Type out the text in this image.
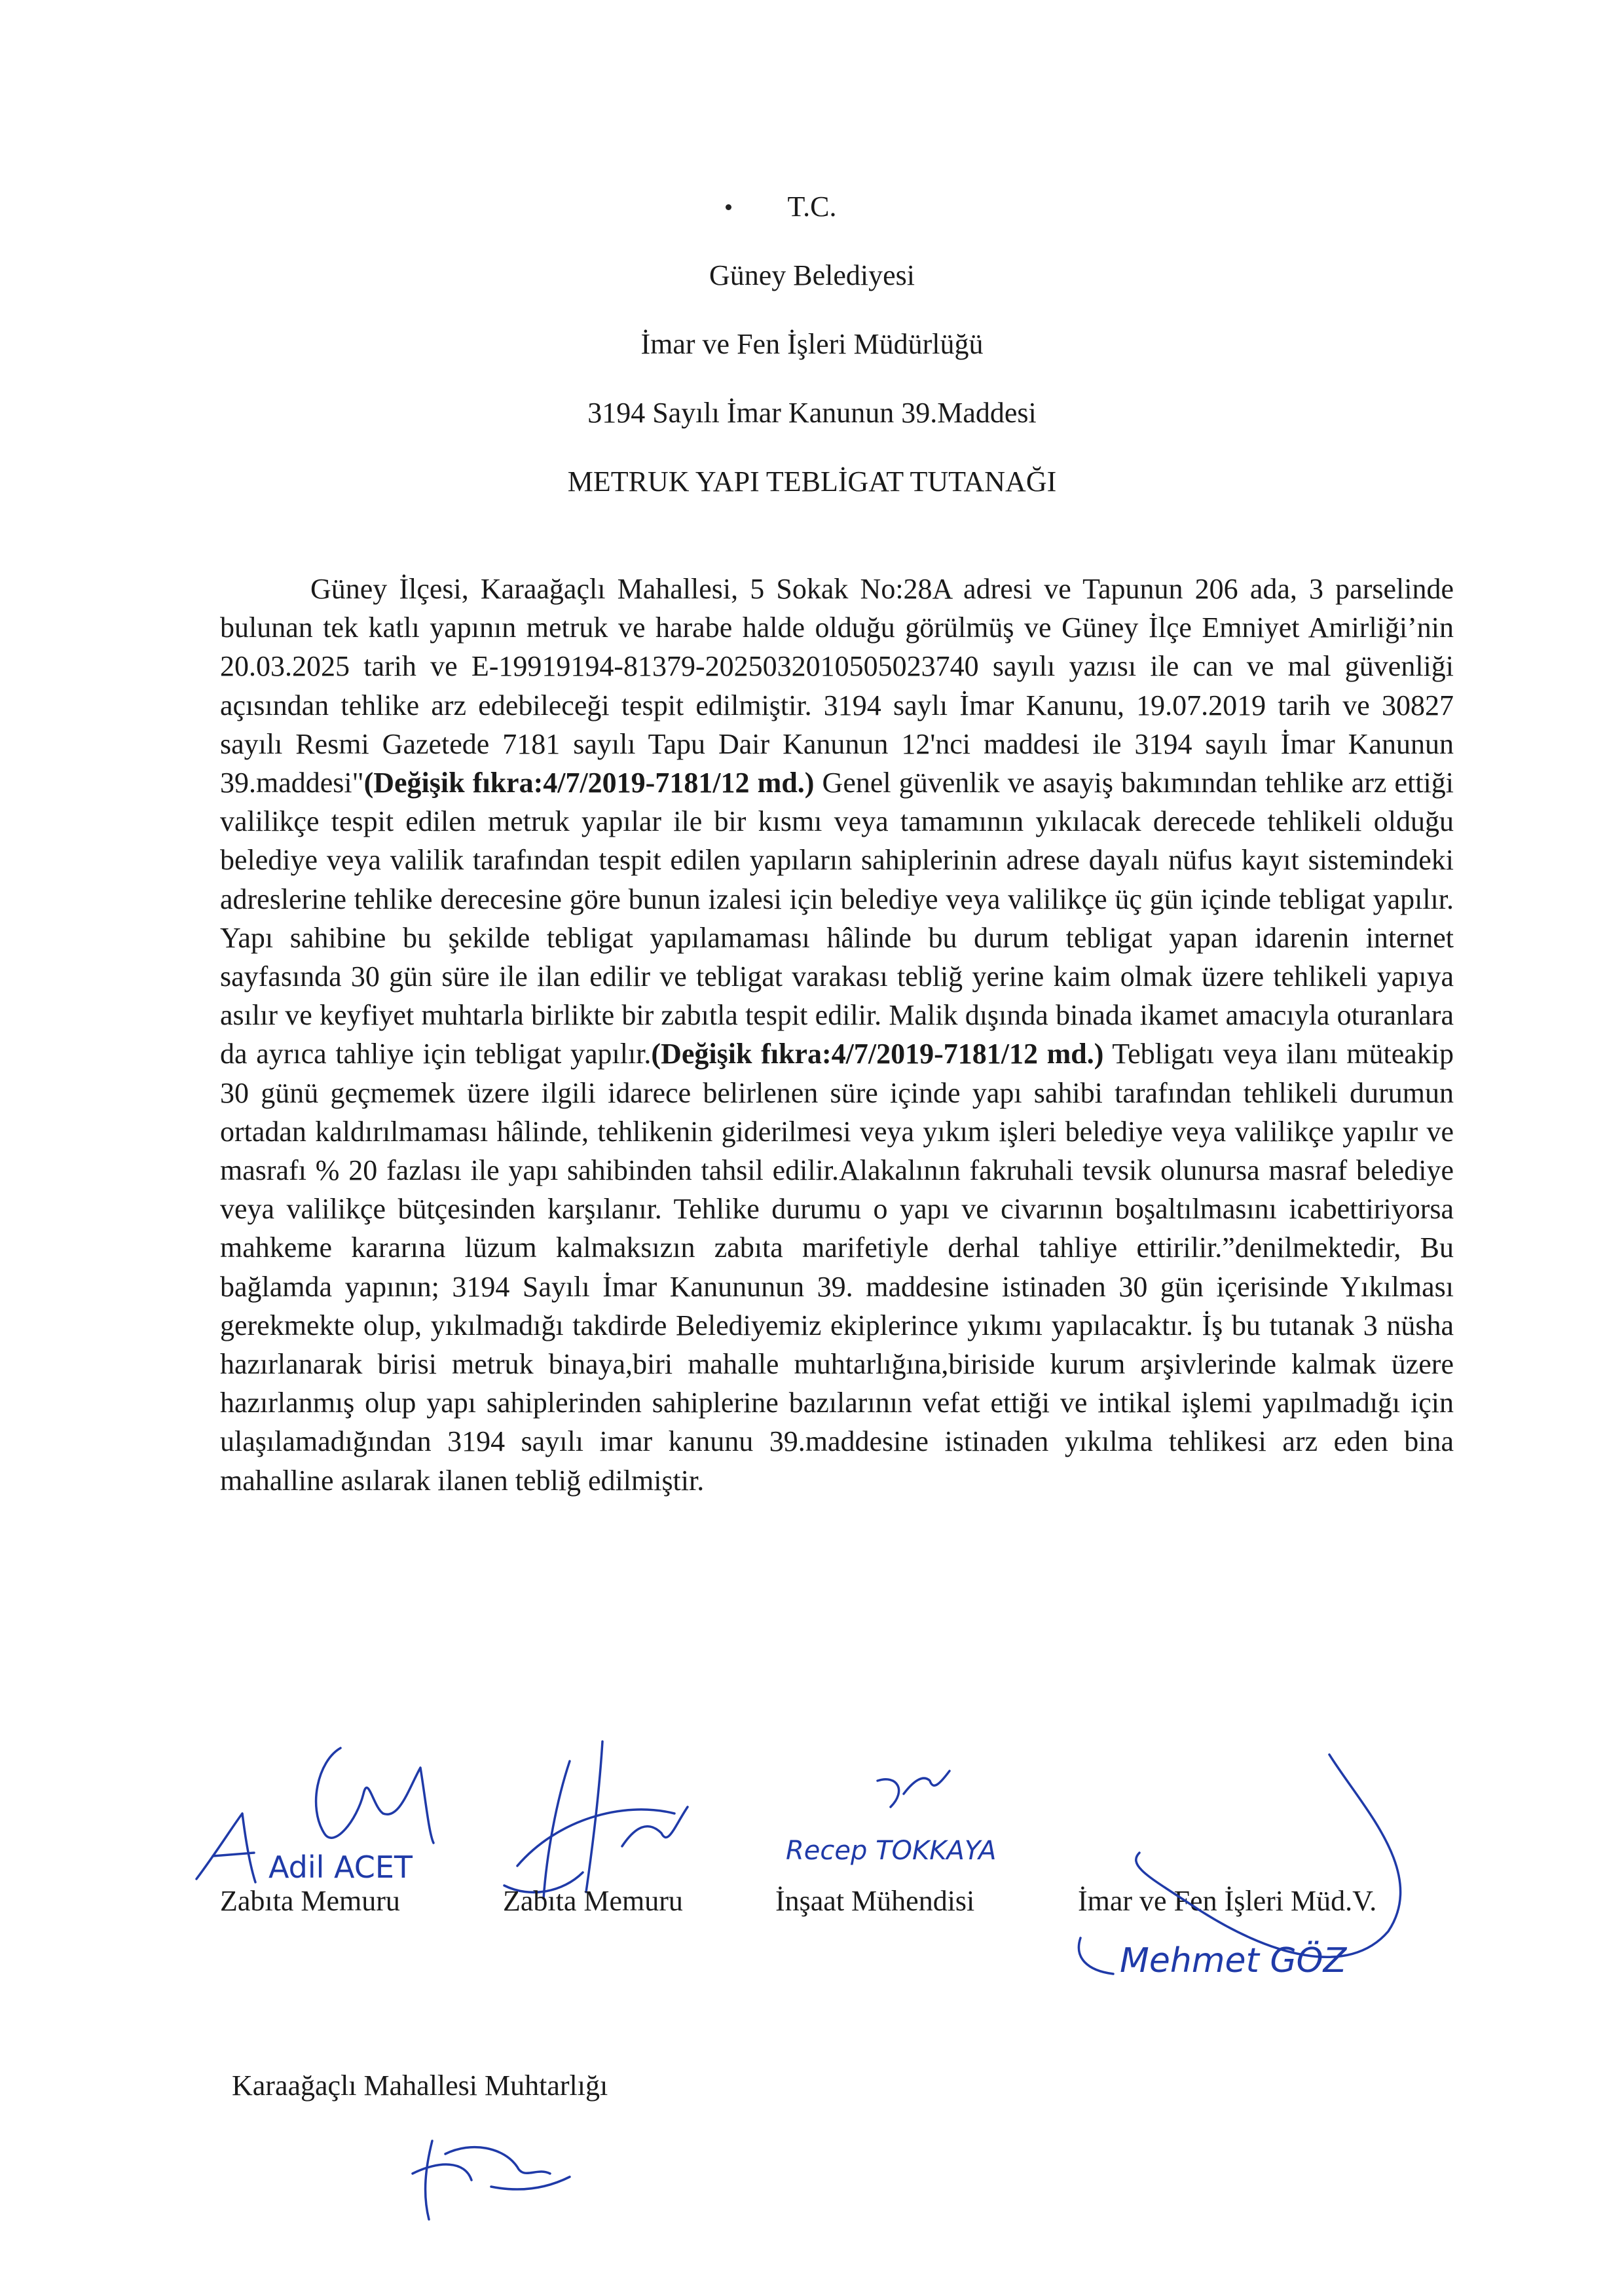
T.C.
Güney Belediyesi
İmar ve Fen İşleri Müdürlüğü
3194 Sayılı İmar Kanunun 39.Maddesi
METRUK YAPI TEBLİGAT TUTANAĞI

Güney İlçesi, Karaağaçlı Mahallesi, 5 Sokak No:28A adresi ve Tapunun 206 ada, 3 parselinde bulunan tek katlı yapının metruk ve harabe halde olduğu görülmüş ve Güney İlçe Emniyet Amirliği’nin 20.03.2025 tarih ve E-19919194-81379-2025032010505023740 sayılı yazısı ile can ve mal güvenliği açısından tehlike arz edebileceği tespit edilmiştir. 3194 saylı İmar Kanunu, 19.07.2019 tarih ve 30827 sayılı Resmi Gazetede 7181 sayılı Tapu Dair Kanunun 12'nci maddesi ile 3194 sayılı İmar Kanunun 39.maddesi"(Değişik fıkra:4/7/2019-7181/12 md.) Genel güvenlik ve asayiş bakımından tehlike arz ettiği valilikçe tespit edilen metruk yapılar ile bir kısmı veya tamamının yıkılacak derecede tehlikeli olduğu belediye veya valilik tarafından tespit edilen yapıların sahiplerinin adrese dayalı nüfus kayıt sistemindeki adreslerine tehlike derecesine göre bunun izalesi için belediye veya valilikçe üç gün içinde tebligat yapılır. Yapı sahibine bu şekilde tebligat yapılamaması hâlinde bu durum tebligat yapan idarenin internet sayfasında 30 gün süre ile ilan edilir ve tebligat varakası tebliğ yerine kaim olmak üzere tehlikeli yapıya asılır ve keyfiyet muhtarla birlikte bir zabıtla tespit edilir. Malik dışında binada ikamet amacıyla oturanlara da ayrıca tahliye için tebligat yapılır.(Değişik fıkra:4/7/2019-7181/12 md.) Tebligatı veya ilanı müteakip 30 günü geçmemek üzere ilgili idarece belirlenen süre içinde yapı sahibi tarafından tehlikeli durumun ortadan kaldırılmaması hâlinde, tehlikenin giderilmesi veya yıkım işleri belediye veya valilikçe yapılır ve masrafı % 20 fazlası ile yapı sahibinden tahsil edilir.Alakalının fakruhali tevsik olunursa masraf belediye veya valilikçe bütçesinden karşılanır. Tehlike durumu o yapı ve civarının boşaltılmasını icabettiriyorsa mahkeme kararına lüzum kalmaksızın zabıta marifetiyle derhal tahliye ettirilir.”denilmektedir, Bu bağlamda yapının; 3194 Sayılı İmar Kanununun 39. maddesine istinaden 30 gün içerisinde Yıkılması gerekmekte olup, yıkılmadığı takdirde Belediyemiz ekiplerince yıkımı yapılacaktır. İş bu tutanak 3 nüsha hazırlanarak birisi metruk binaya,biri mahalle muhtarlığına,biriside kurum arşivlerinde kalmak üzere hazırlanmış olup yapı sahiplerinden sahiplerine bazılarının vefat ettiği ve intikal işlemi yapılmadığı için ulaşılamadığından 3194 sayılı imar kanunu 39.maddesine istinaden yıkılma tehlikesi arz eden bina mahalline asılarak ilanen tebliğ edilmiştir.

Adil ACET
Zabıta Memuru	Zabıta Memuru
Recep TOKKAYA
İnşaat Mühendisi	İmar ve Fen İşleri Müd.V.
Mehmet GÖZ
Karaağaçlı Mahallesi Muhtarlığı
